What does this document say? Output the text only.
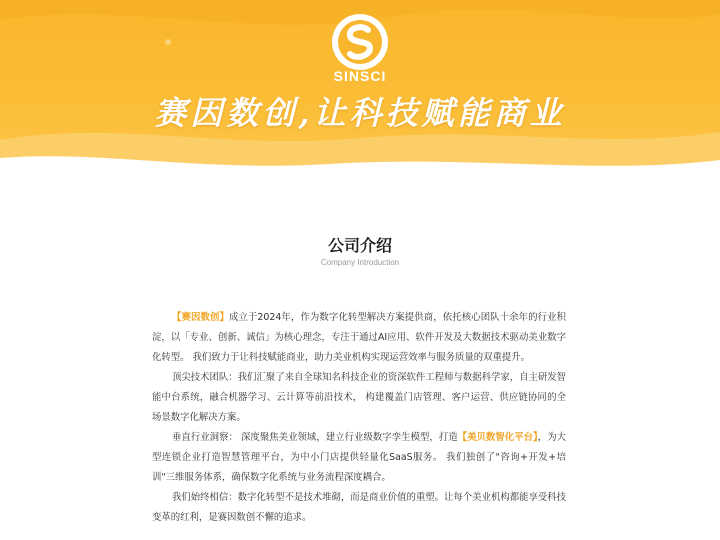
SINSCI
赛因数创,让科技赋能商业
公司介绍
Company Introduction

【赛因数创】成立于2024年，作为数字化转型解决方案提供商，依托核心团队十余年的行业积淀，以「专业、创新、诚信」为核心理念，专注于通过AI应用、软件开发及大数据技术驱动美业数字化转型。 我们致力于让科技赋能商业，助力美业机构实现运营效率与服务质量的双重提升。

顶尖技术团队：我们汇聚了来自全球知名科技企业的资深软件工程师与数据科学家，自主研发智能中台系统，融合机器学习、云计算等前沿技术， 构建覆盖门店管理、客户运营、供应链协同的全场景数字化解决方案。

垂直行业洞察： 深度聚焦美业领域，建立行业级数字孪生模型，打造【美贝数智化平台】，为大型连锁企业打造智慧管理平台，为中小门店提供轻量化SaaS服务。 我们独创了"咨询+开发+培训"三维服务体系，确保数字化系统与业务流程深度耦合。

我们始终相信：数字化转型不是技术堆砌，而是商业价值的重塑。让每个美业机构都能享受科技变革的红利，是赛因数创不懈的追求。
